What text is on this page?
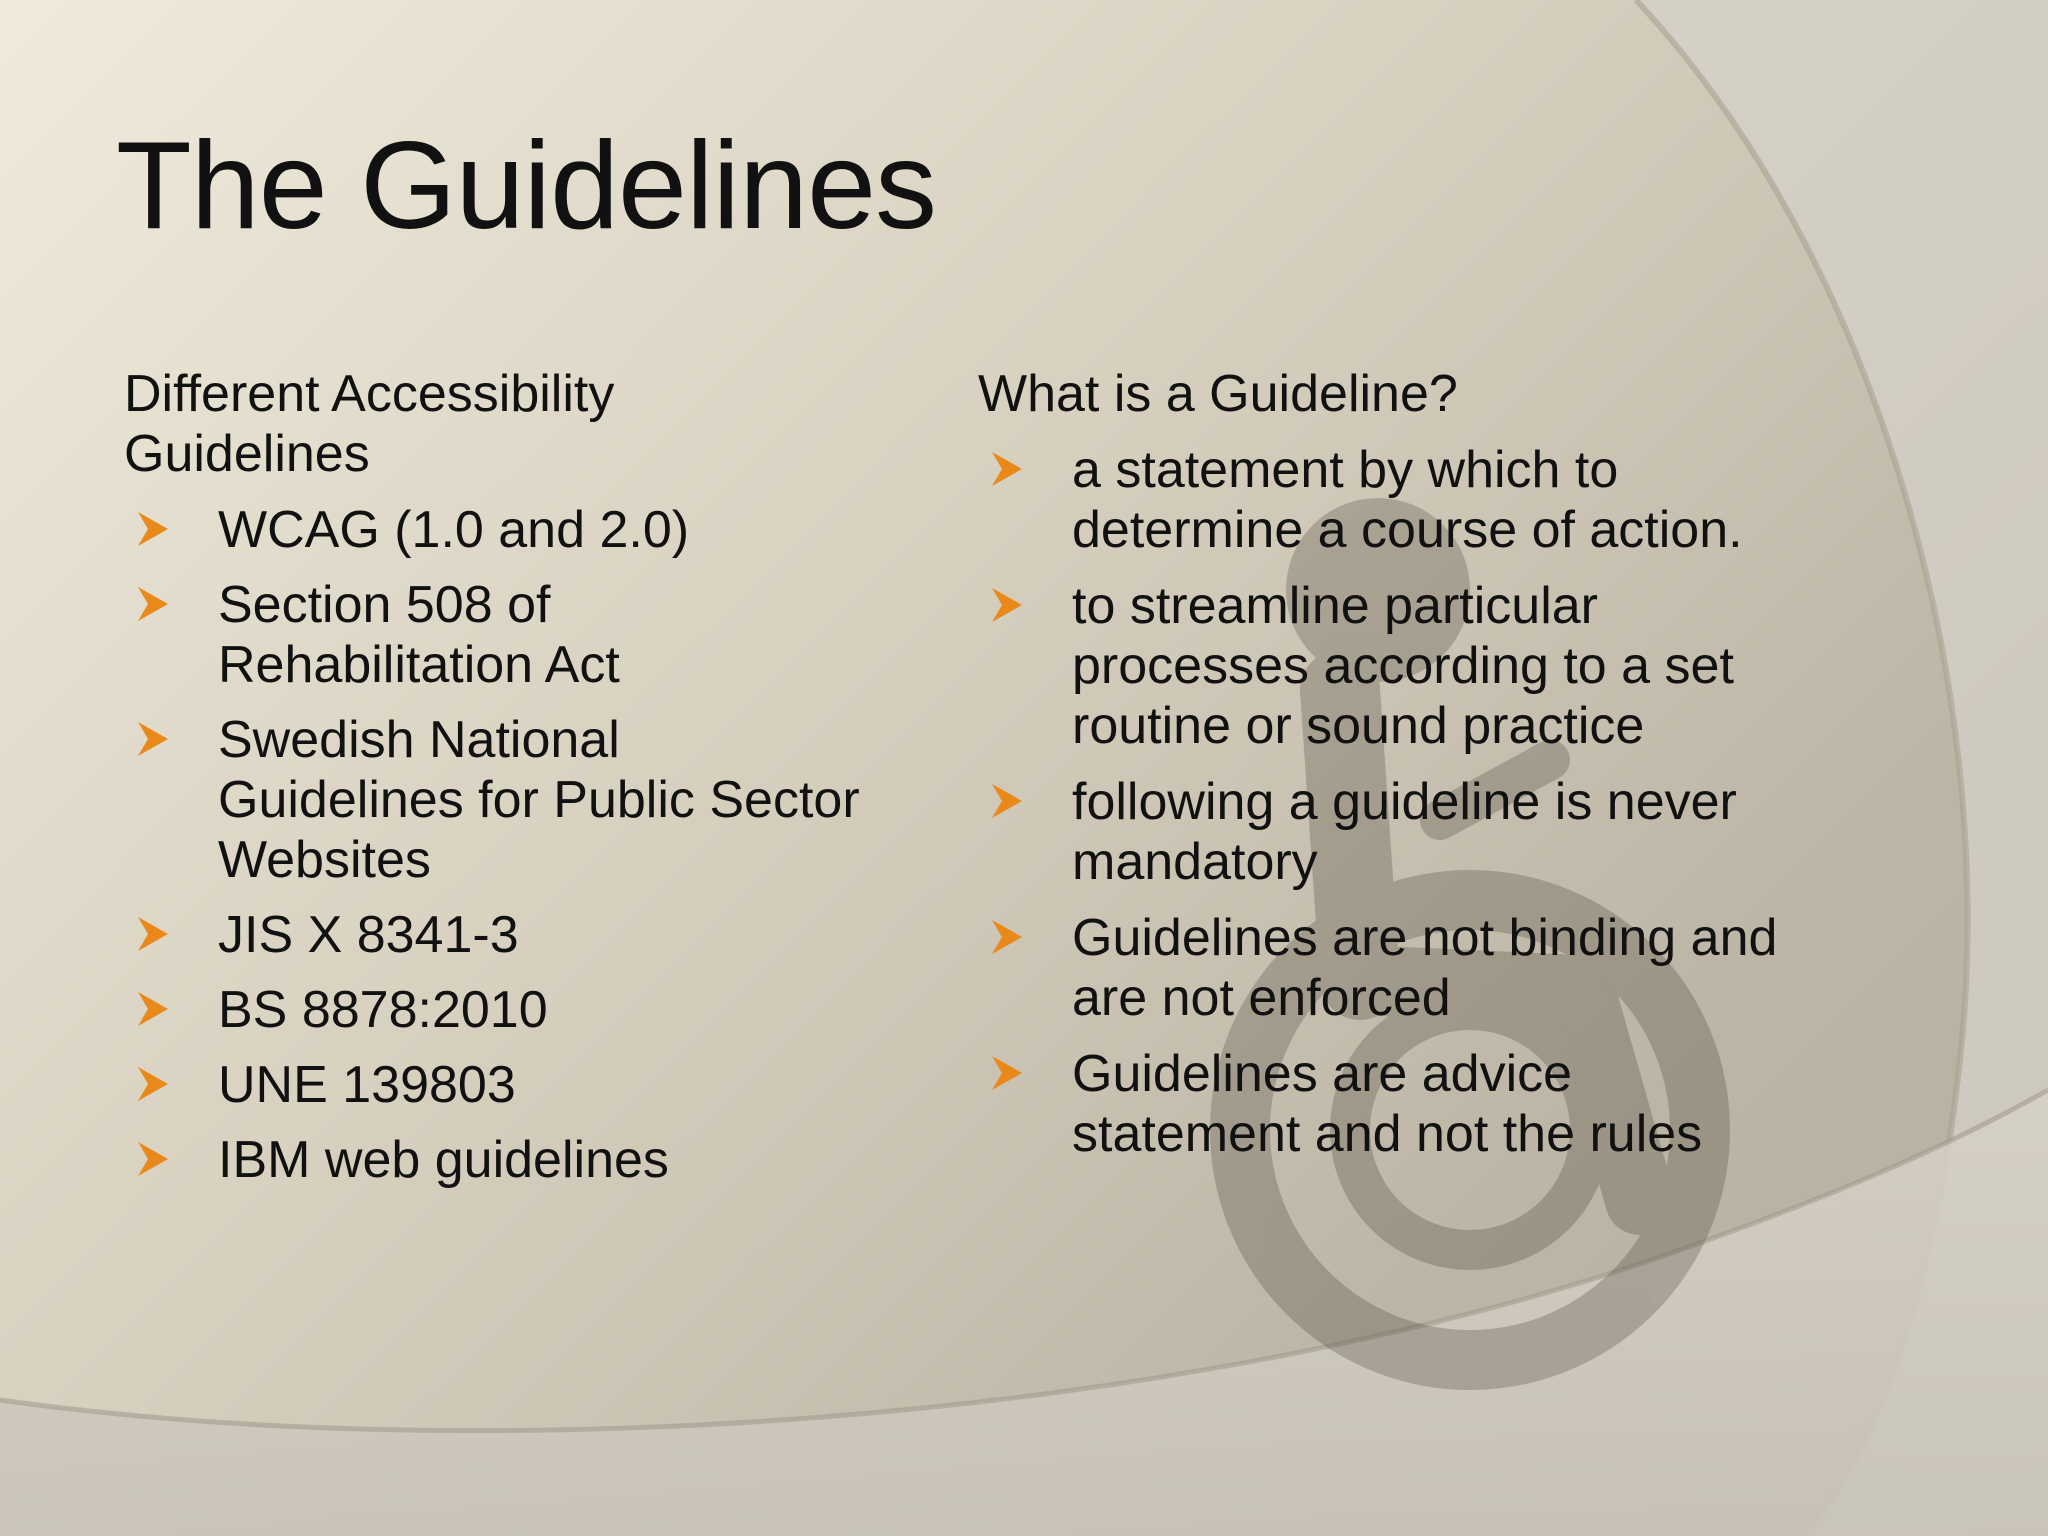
The Guidelines
Different Accessibility Guidelines
WCAG (1.0 and 2.0)
Section 508 of Rehabilitation Act
Swedish National Guidelines for Public Sector Websites
JIS X 8341-3
BS 8878:2010
UNE 139803
IBM web guidelines
What is a Guideline?
a statement by which to determine a course of action.
to streamline particular processes according to a set routine or sound practice
following a guideline is never mandatory
Guidelines are not binding and are not enforced
Guidelines are advice statement and not the rules
